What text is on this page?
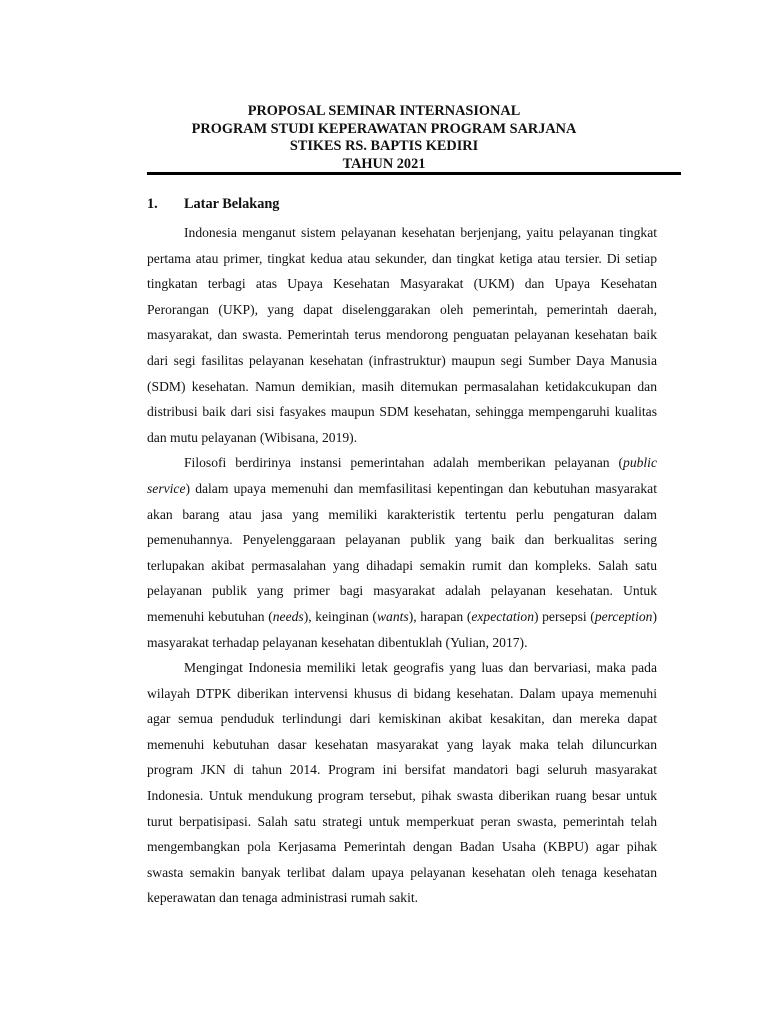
PROPOSAL SEMINAR INTERNASIONAL
PROGRAM STUDI KEPERAWATAN PROGRAM SARJANA
STIKES RS. BAPTIS KEDIRI
TAHUN 2021
1. Latar Belakang

Indonesia menganut sistem pelayanan kesehatan berjenjang, yaitu pelayanan tingkat pertama atau primer, tingkat kedua atau sekunder, dan tingkat ketiga atau tersier. Di setiap tingkatan terbagi atas Upaya Kesehatan Masyarakat (UKM) dan Upaya Kesehatan Perorangan (UKP), yang dapat diselenggarakan oleh pemerintah, pemerintah daerah, masyarakat, dan swasta. Pemerintah terus mendorong penguatan pelayanan kesehatan baik dari segi fasilitas pelayanan kesehatan (infrastruktur) maupun segi Sumber Daya Manusia (SDM) kesehatan. Namun demikian, masih ditemukan permasalahan ketidakcukupan dan distribusi baik dari sisi fasyakes maupun SDM kesehatan, sehingga mempengaruhi kualitas dan mutu pelayanan (Wibisana, 2019).

Filosofi berdirinya instansi pemerintahan adalah memberikan pelayanan (public service) dalam upaya memenuhi dan memfasilitasi kepentingan dan kebutuhan masyarakat akan barang atau jasa yang memiliki karakteristik tertentu perlu pengaturan dalam pemenuhannya. Penyelenggaraan pelayanan publik yang baik dan berkualitas sering terlupakan akibat permasalahan yang dihadapi semakin rumit dan kompleks. Salah satu pelayanan publik yang primer bagi masyarakat adalah pelayanan kesehatan. Untuk memenuhi kebutuhan (needs), keinginan (wants), harapan (expectation) persepsi (perception) masyarakat terhadap pelayanan kesehatan dibentuklah (Yulian, 2017).

Mengingat Indonesia memiliki letak geografis yang luas dan bervariasi, maka pada wilayah DTPK diberikan intervensi khusus di bidang kesehatan. Dalam upaya memenuhi agar semua penduduk terlindungi dari kemiskinan akibat kesakitan, dan mereka dapat memenuhi kebutuhan dasar kesehatan masyarakat yang layak maka telah diluncurkan program JKN di tahun 2014. Program ini bersifat mandatori bagi seluruh masyarakat Indonesia. Untuk mendukung program tersebut, pihak swasta diberikan ruang besar untuk turut berpatisipasi. Salah satu strategi untuk memperkuat peran swasta, pemerintah telah mengembangkan pola Kerjasama Pemerintah dengan Badan Usaha (KBPU) agar pihak swasta semakin banyak terlibat dalam upaya pelayanan kesehatan oleh tenaga kesehatan keperawatan dan tenaga administrasi rumah sakit.
